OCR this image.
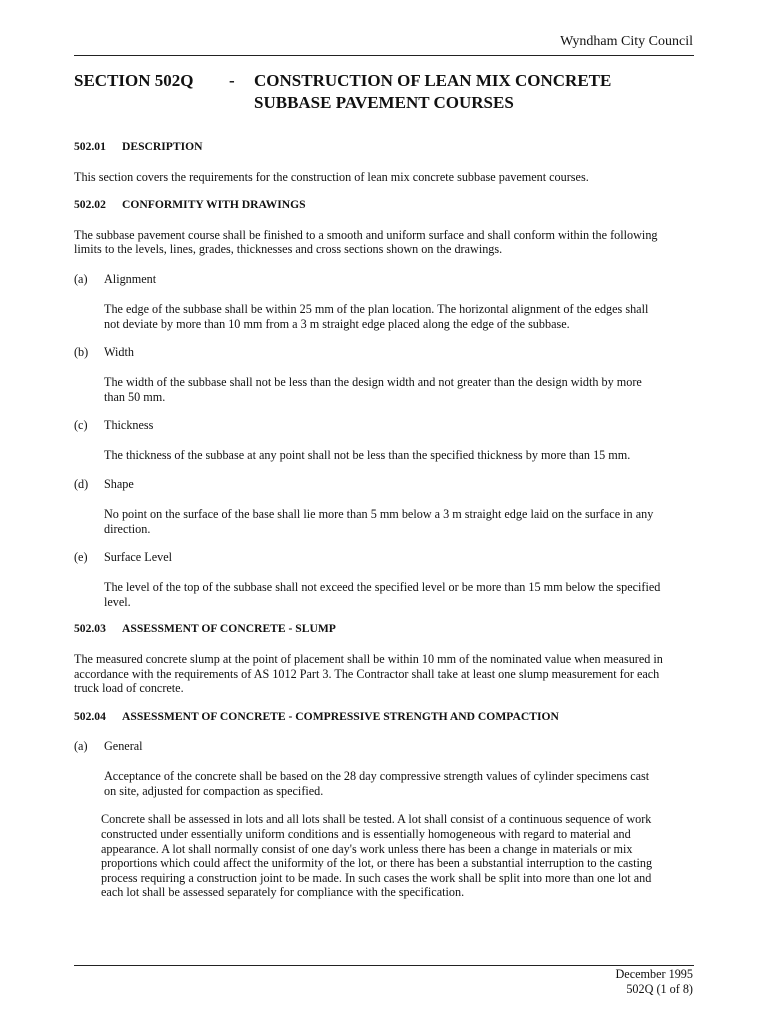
Wyndham City Council
SECTION 502Q - CONSTRUCTION OF LEAN MIX CONCRETE
SUBBASE PAVEMENT COURSES
502.01 DESCRIPTION

This section covers the requirements for the construction of lean mix concrete subbase pavement courses.

502.02 CONFORMITY WITH DRAWINGS

The subbase pavement course shall be finished to a smooth and uniform surface and shall conform within the following

limits to the levels, lines, grades, thicknesses and cross sections shown on the drawings.

(a) Alignment

The edge of the subbase shall be within 25 mm of the plan location. The horizontal alignment of the edges shall

not deviate by more than 10 mm from a 3 m straight edge placed along the edge of the subbase.

(b) Width

The width of the subbase shall not be less than the design width and not greater than the design width by more

than 50 mm.

(c) Thickness

The thickness of the subbase at any point shall not be less than the specified thickness by more than 15 mm.

(d) Shape

No point on the surface of the base shall lie more than 5 mm below a 3 m straight edge laid on the surface in any

direction.

(e) Surface Level

The level of the top of the subbase shall not exceed the specified level or be more than 15 mm below the specified

level.

502.03 ASSESSMENT OF CONCRETE - SLUMP

The measured concrete slump at the point of placement shall be within 10 mm of the nominated value when measured in

accordance with the requirements of AS 1012 Part 3. The Contractor shall take at least one slump measurement for each

truck load of concrete.

502.04 ASSESSMENT OF CONCRETE - COMPRESSIVE STRENGTH AND COMPACTION
(a) General

Acceptance of the concrete shall be based on the 28 day compressive strength values of cylinder specimens cast

on site, adjusted for compaction as specified.

Concrete shall be assessed in lots and all lots shall be tested. A lot shall consist of a continuous sequence of work

constructed under essentially uniform conditions and is essentially homogeneous with regard to material and

appearance. A lot shall normally consist of one day's work unless there has been a change in materials or mix

proportions which could affect the uniformity of the lot, or there has been a substantial interruption to the casting

process requiring a construction joint to be made. In such cases the work shall be split into more than one lot and

each lot shall be assessed separately for compliance with the specification.

December 1995
502Q (1 of 8)
